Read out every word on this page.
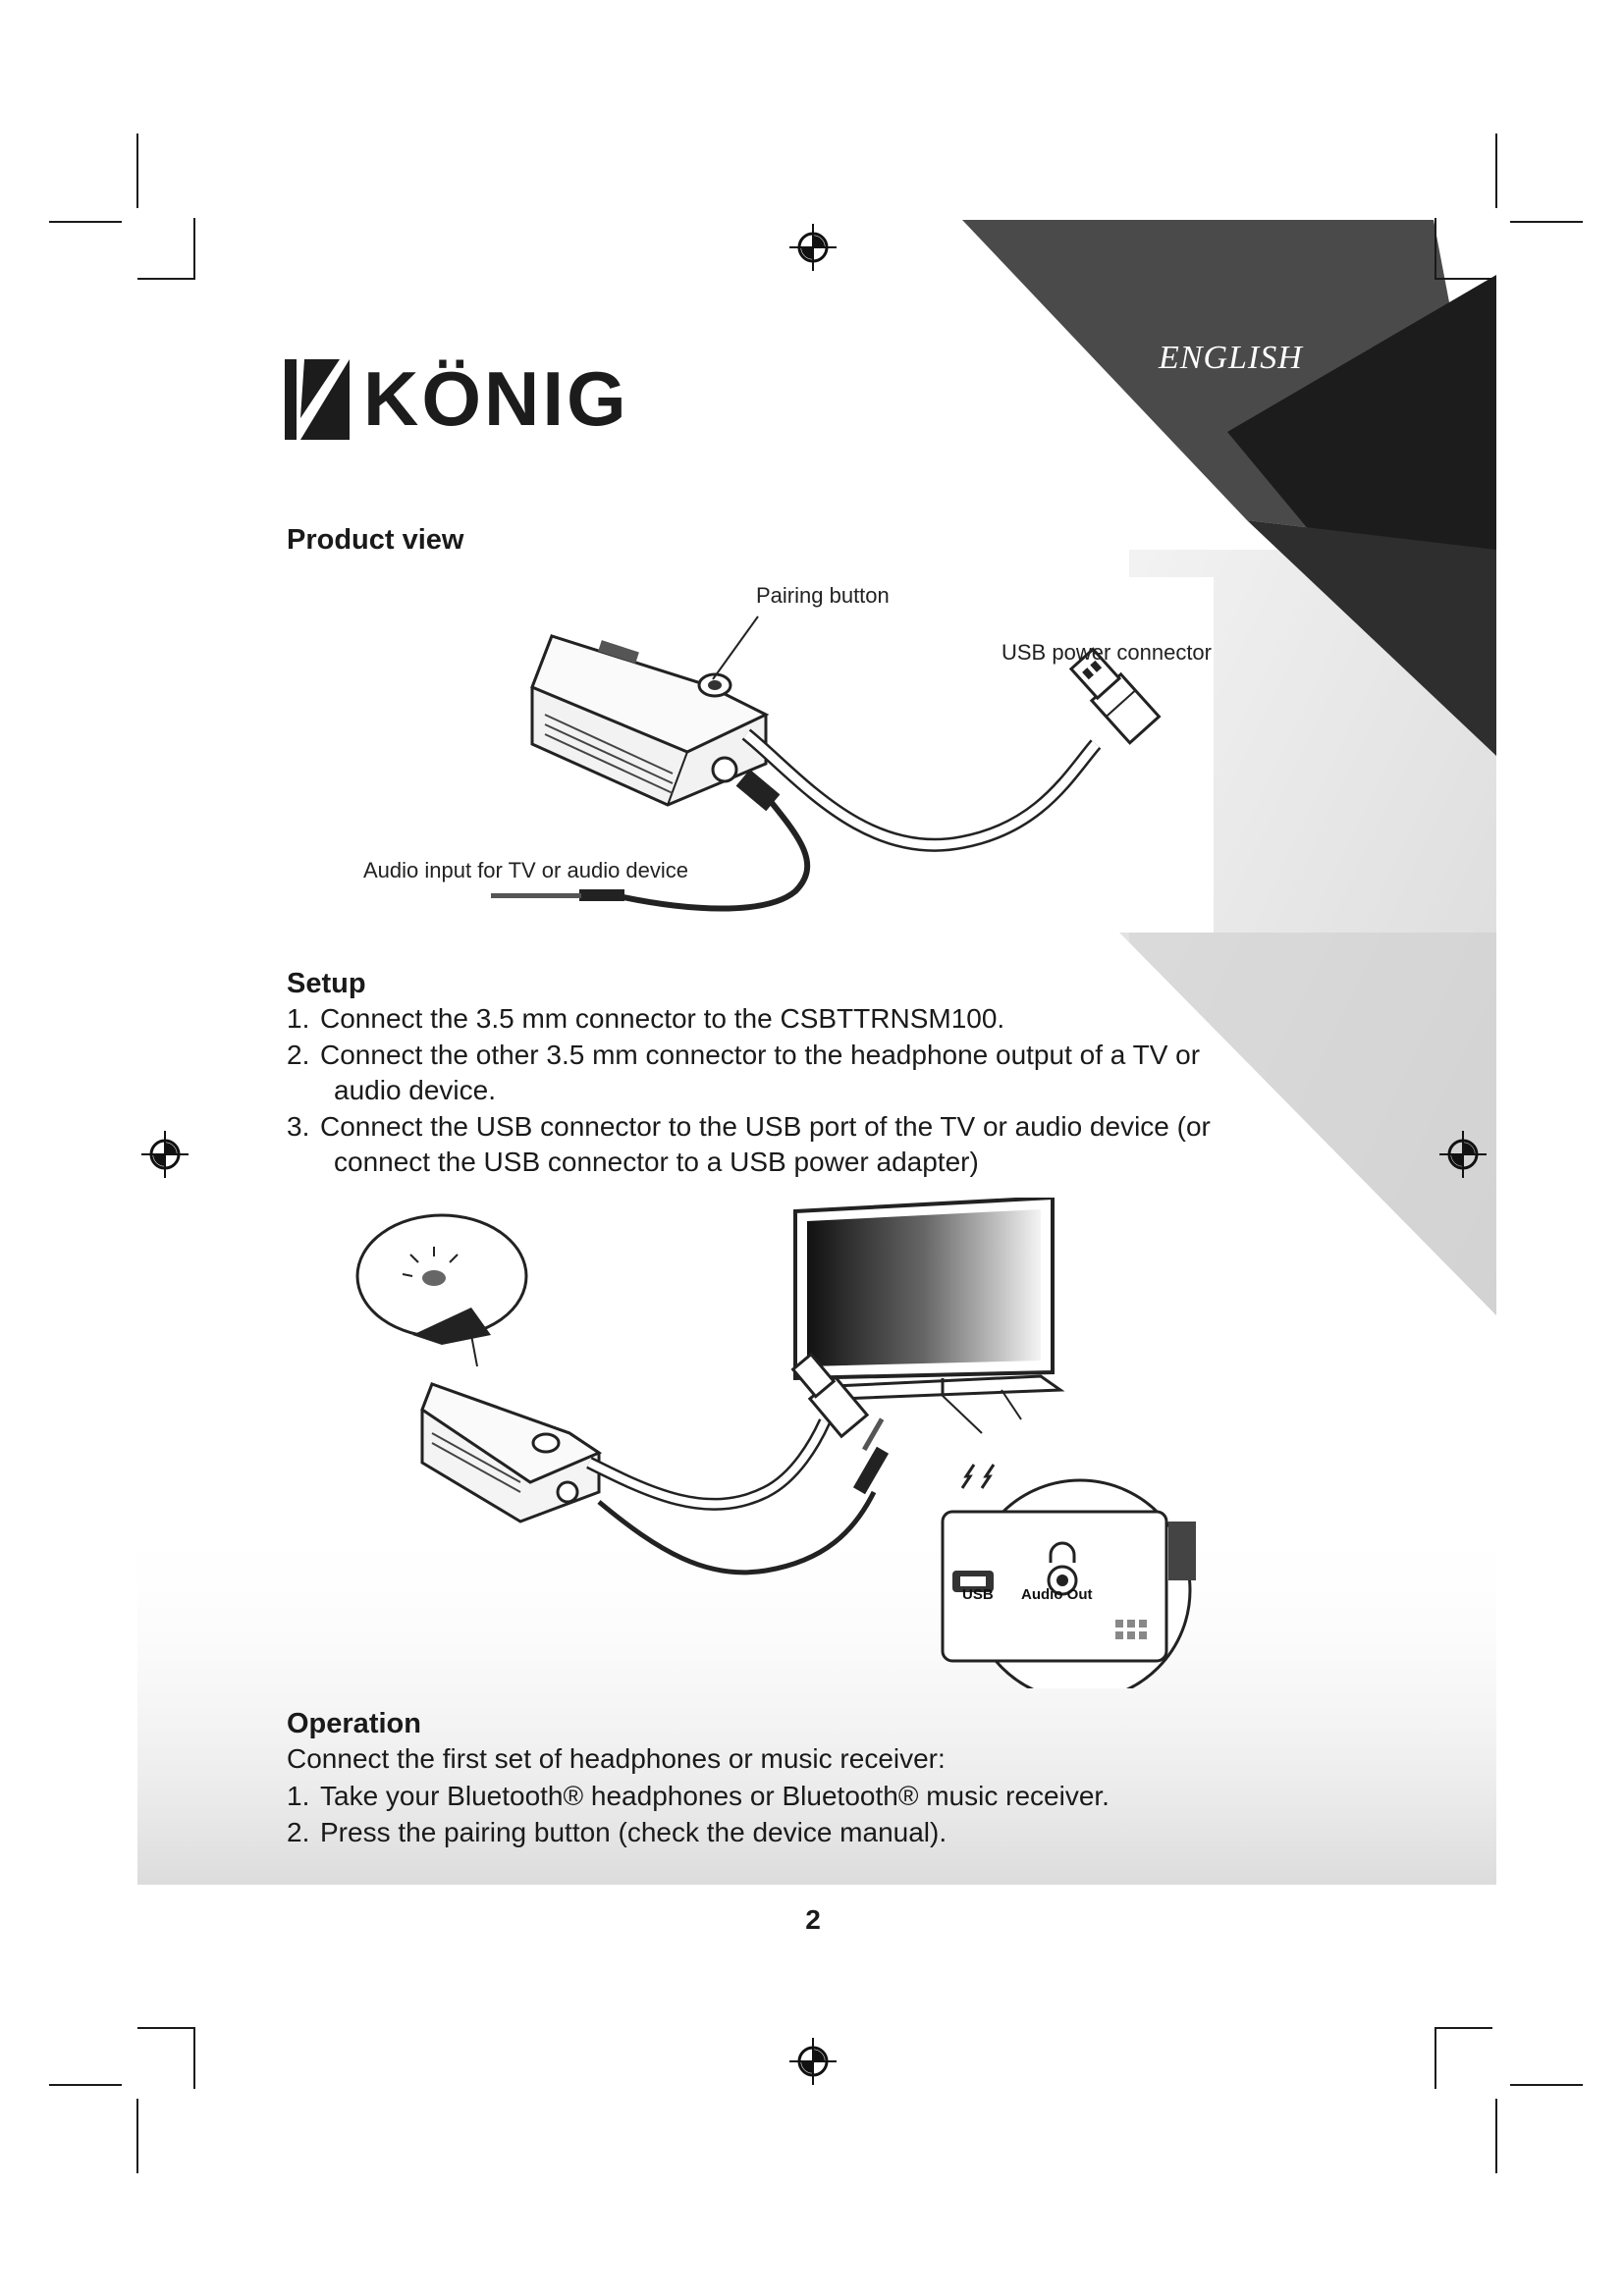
ENGLISH
KÖNIG
Product view
Pairing button
USB power connector
Audio input for TV or audio device
Setup
1. Connect the 3.5 mm connector to the CSBTTRNSM100.
2. Connect the other 3.5 mm connector to the headphone output of a TV or audio device.
3. Connect the USB connector to the USB port of the TV or audio device (or connect the USB connector to a USB power adapter)
USB Audio Out
Operation
Connect the first set of headphones or music receiver:
1. Take your Bluetooth® headphones or Bluetooth® music receiver.
2. Press the pairing button (check the device manual).
2
